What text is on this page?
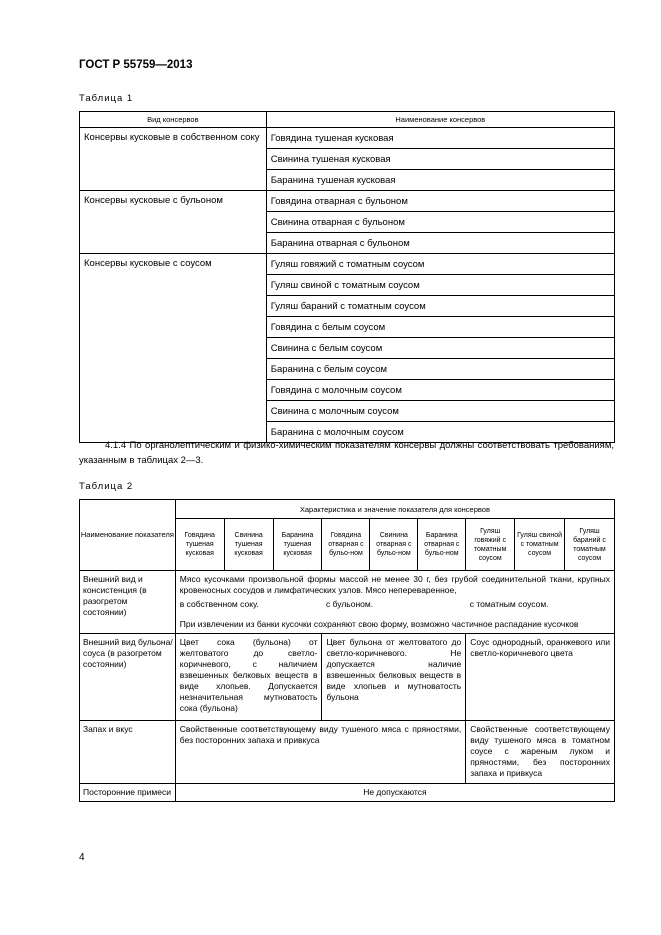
ГОСТ Р 55759—2013
Таблица 1
Вид консервов	Наименование консервов
Консервы кусковые в собственном соку	Говядина тушеная кусковая
	Свинина тушеная кусковая
	Баранина тушеная кусковая
Консервы кусковые с бульоном	Говядина отварная с бульоном
	Свинина отварная с бульоном
	Баранина отварная с бульоном
Консервы кусковые с соусом	Гуляш говяжий с томатным соусом
	Гуляш свиной с томатным соусом
	Гуляш бараний с томатным соусом
	Говядина с белым соусом
	Свинина с белым соусом
	Баранина с белым соусом
	Говядина с молочным соусом
	Свинина с молочным соусом
	Баранина с молочным соусом
4.1.4 По органолептическим и физико-химическим показателям консервы должны соответствовать требованиям, указанным в таблицах 2—3.
Таблица 2
Наименование показателя	Характеристика и значение показателя для консервов								
	Говядина тушеная кусковая	Свинина тушеная кусковая	Баранина тушеная кусковая	Говядина отварная с бульо-ном	Свинина отварная с бульо-ном	Баранина отварная с бульо-ном	Гуляш говяжий с томатным соусом	Гуляш свиной с томатным соусом	Гуляш бараний с томатным соусом
Внешний вид и консистенция (в разогретом состоянии)	Мясо кусочками произвольной формы массой не менее 30 г, без грубой соединительной ткани, крупных кровеносных сосудов и лимфатических узлов. Мясо непереваренное,								
	в собственном соку.			с бульоном.			с томатным соусом.		
	При извлечении из банки кусочки сохраняют свою форму, возможно частичное распадание кусочков								
Внешний вид бульона/соуса (в разогретом состоянии)	Цвет сока (бульона) от желтоватого до светло-коричневого, с наличием взвешенных белковых веществ в виде хлопьев. Допускается незначительная мутноватость сока (бульона)			Цвет бульона от желтоватого до светло-коричневого. Не допускается наличие взвешенных белковых веществ в виде хлопьев и мутноватость бульона			Соус однородный, оранжевого или светло-коричневого цвета		
Запах и вкус	Свойственные соответствующему виду тушеного мяса с пряностями, без посторонних запаха и привкуса						Свойственные соответствующему виду тушеного мяса в томатном соусе с жареным луком и пряностями, без посторонних запаха и привкуса		
Посторонние примеси	Не допускаются								
4
